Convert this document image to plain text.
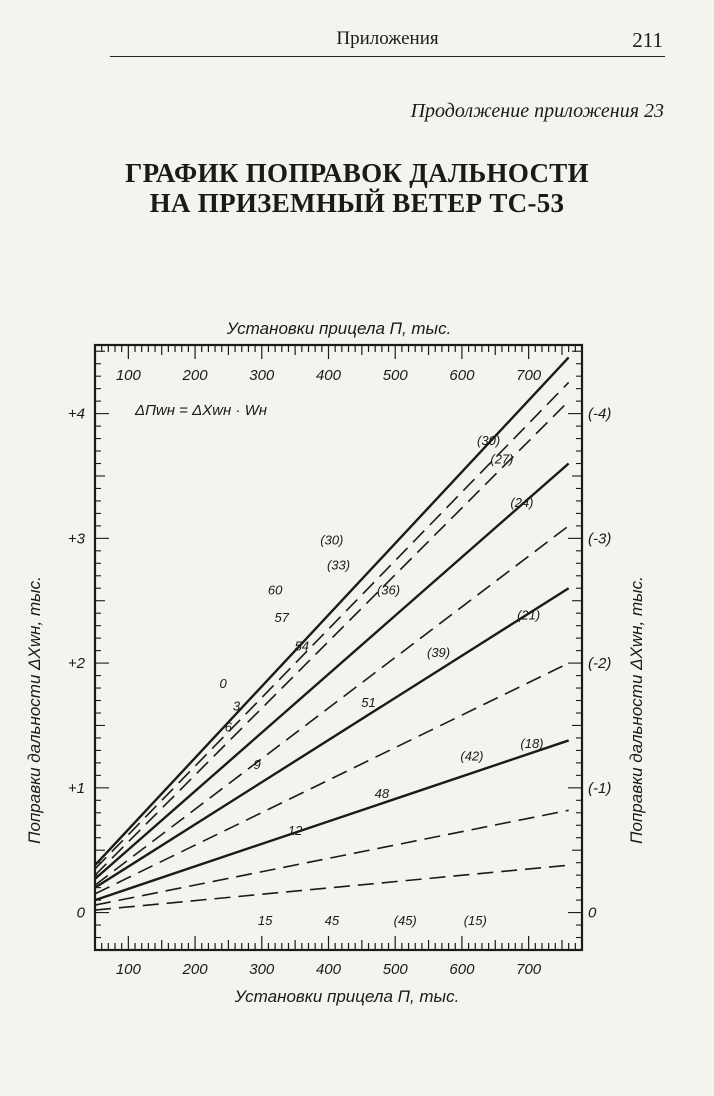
Приложения	211
Продолжение приложения 23
ГРАФИК ПОПРАВОК ДАЛЬНОСТИ
НА ПРИЗЕМНЫЙ ВЕТЕР ТС-53
100
100
200
200
300
300
400
400
500
500
600
600
700
700
0	0
+1	(-1)
+2	(-2)
+3	(-3)
+4	(-4)
(30)
(27)
(24)
(30)
(33)
(36)
60
57
54
(21)
(39)
0
3
6
51
9
(42)
(18)
48
12
15	45	(45)	(15)
Установки прицела П, тыс.
Установки прицела П, тыс.
Поправки дальности ΔXwн, тыс.	Поправки дальности ΔXwн, тыс.
ΔПwн = ΔXwн · Wн
